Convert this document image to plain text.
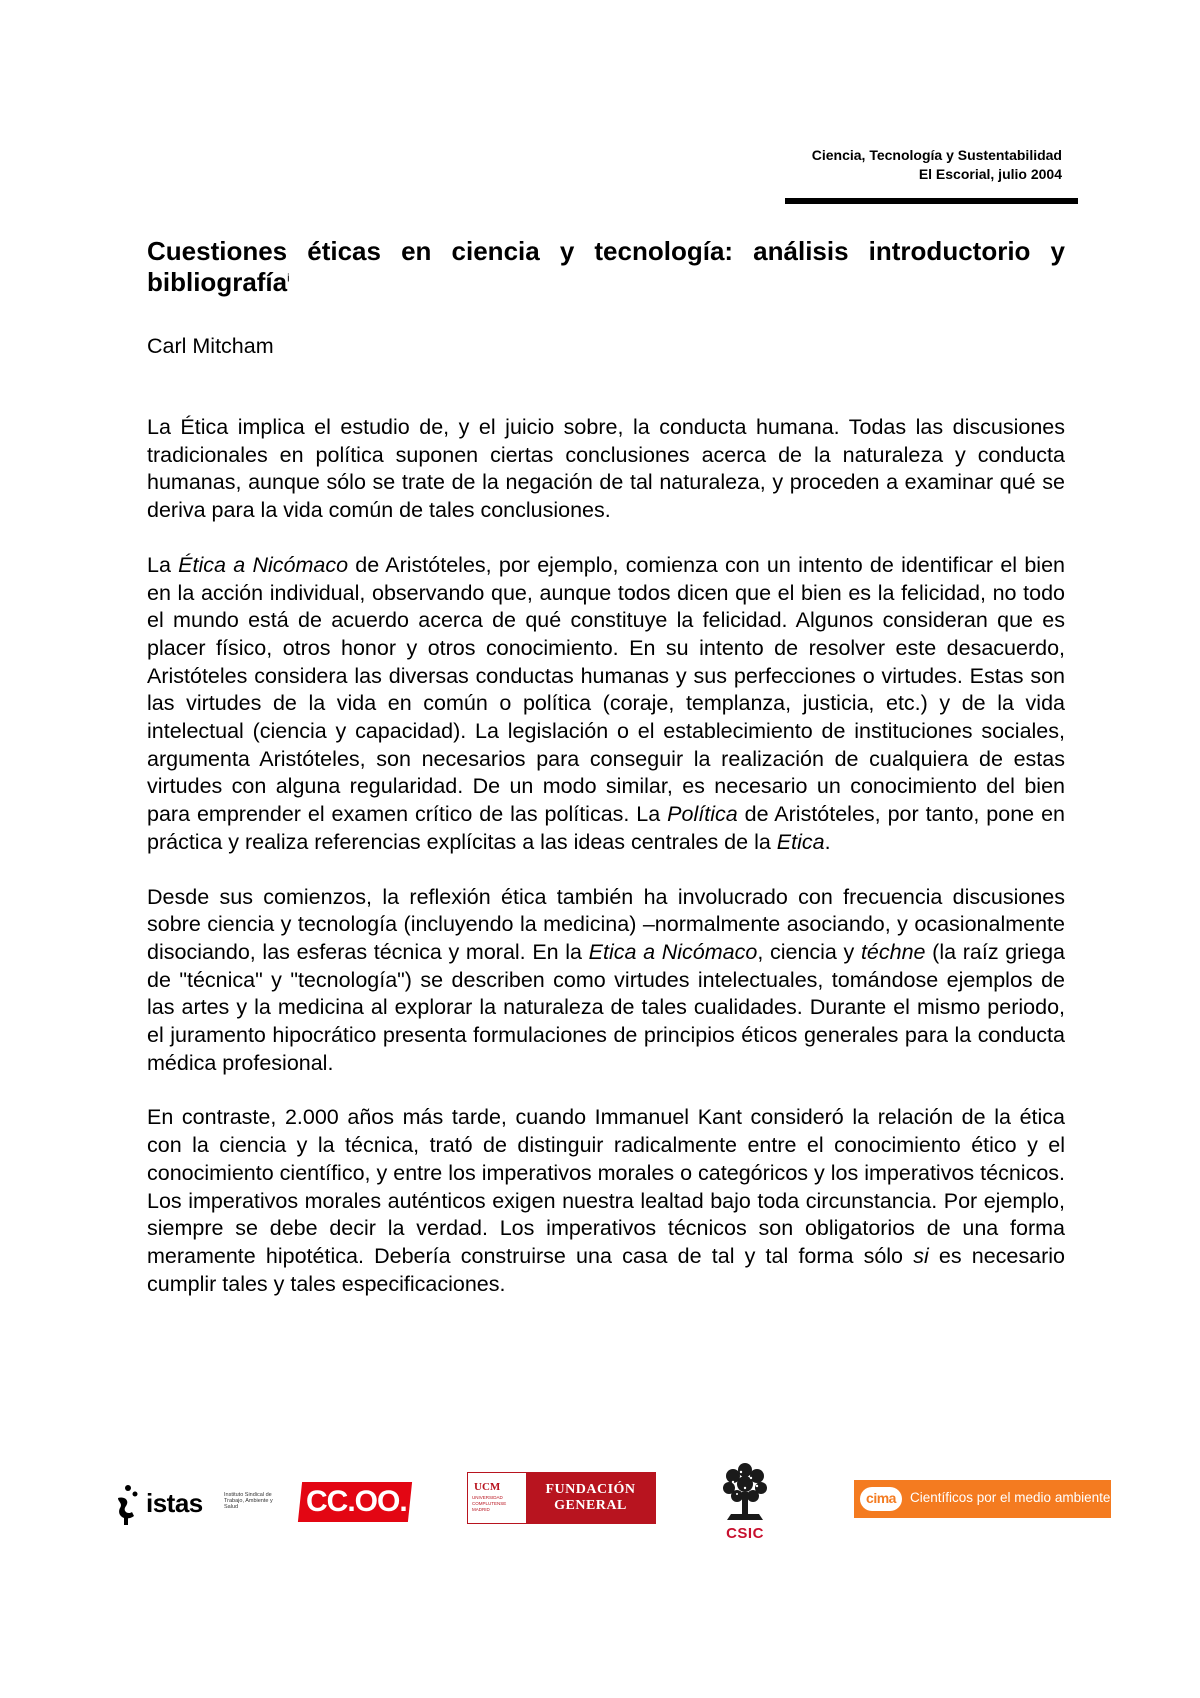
Ciencia, Tecnología y Sustentabilidad
El Escorial, julio 2004
Cuestiones éticas en ciencia y tecnología: análisis introductorio y bibliografía$^i$

Carl Mitcham

La Ética implica el estudio de, y el juicio sobre, la conducta humana. Todas las discusiones tradicionales en política suponen ciertas conclusiones acerca de la naturaleza y conducta humanas, aunque sólo se trate de la negación de tal naturaleza, y proceden a examinar qué se deriva para la vida común de tales conclusiones.

La Ética a Nicómaco de Aristóteles, por ejemplo, comienza con un intento de identificar el bien en la acción individual, observando que, aunque todos dicen que el bien es la felicidad, no todo el mundo está de acuerdo acerca de qué constituye la felicidad. Algunos consideran que es placer físico, otros honor y otros conocimiento. En su intento de resolver este desacuerdo, Aristóteles considera las diversas conductas humanas y sus perfecciones o virtudes. Estas son las virtudes de la vida en común o política (coraje, templanza, justicia, etc.) y de la vida intelectual (ciencia y capacidad). La legislación o el establecimiento de instituciones sociales, argumenta Aristóteles, son necesarios para conseguir la realización de cualquiera de estas virtudes con alguna regularidad. De un modo similar, es necesario un conocimiento del bien para emprender el examen crítico de las políticas. La Política de Aristóteles, por tanto, pone en práctica y realiza referencias explícitas a las ideas centrales de la Etica.

Desde sus comienzos, la reflexión ética también ha involucrado con frecuencia discusiones sobre ciencia y tecnología (incluyendo la medicina) –normalmente asociando, y ocasionalmente disociando, las esferas técnica y moral. En la Etica a Nicómaco, ciencia y téchne (la raíz griega de "técnica" y "tecnología") se describen como virtudes intelectuales, tomándose ejemplos de las artes y la medicina al explorar la naturaleza de tales cualidades. Durante el mismo periodo, el juramento hipocrático presenta formulaciones de principios éticos generales para la conducta médica profesional.

En contraste, 2.000 años más tarde, cuando Immanuel Kant consideró la relación de la ética con la ciencia y la técnica, trató de distinguir radicalmente entre el conocimiento ético y el conocimiento científico, y entre los imperativos morales o categóricos y los imperativos técnicos. Los imperativos morales auténticos exigen nuestra lealtad bajo toda circunstancia. Por ejemplo, siempre se debe decir la verdad. Los imperativos técnicos son obligatorios de una forma meramente hipotética. Debería construirse una casa de tal y tal forma sólo si es necesario cumplir tales y tales especificaciones.

istas	Instituto Sindical de Trabajo, Ambiente y Salud	CC.OO.	UCM
UNIVERSIDAD COMPLUTENSE MADRID
FUNDACIÓN GENERAL
CSIC
cima	Científicos por el medio ambiente
